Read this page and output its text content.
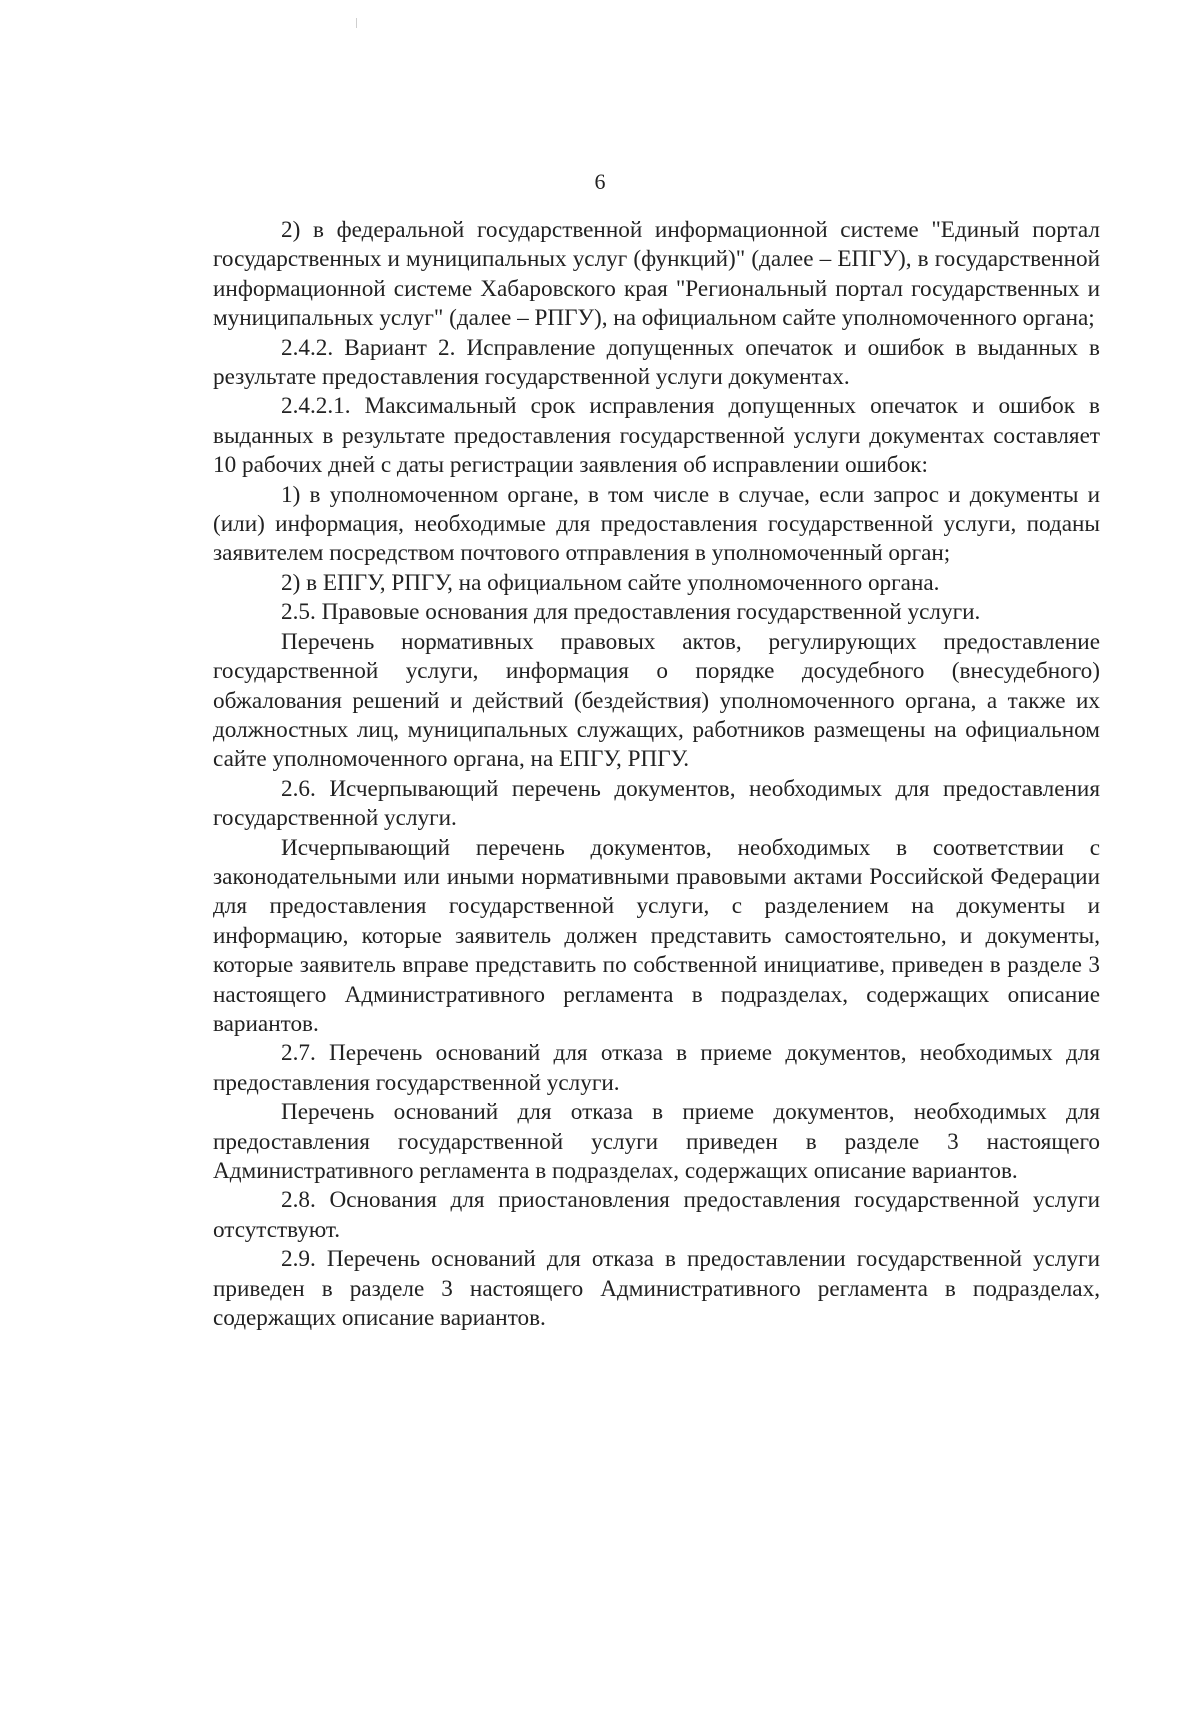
6

2) в федеральной государственной информационной системе "Единый портал государственных и муниципальных услуг (функций)" (далее – ЕПГУ), в государственной информационной системе Хабаровского края "Региональный портал государственных и муниципальных услуг" (далее – РПГУ), на официальном сайте уполномоченного органа;

2.4.2. Вариант 2. Исправление допущенных опечаток и ошибок в выданных в результате предоставления государственной услуги документах.

2.4.2.1. Максимальный срок исправления допущенных опечаток и ошибок в выданных в результате предоставления государственной услуги документах составляет 10 рабочих дней с даты регистрации заявления об исправлении ошибок:

1) в уполномоченном органе, в том числе в случае, если запрос и документы и (или) информация, необходимые для предоставления государственной услуги, поданы заявителем посредством почтового отправления в уполномоченный орган;

2) в ЕПГУ, РПГУ, на официальном сайте уполномоченного органа.

2.5. Правовые основания для предоставления государственной услуги.

Перечень нормативных правовых актов, регулирующих предоставление государственной услуги, информация о порядке досудебного (внесудебного) обжалования решений и действий (бездействия) уполномоченного органа, а также их должностных лиц, муниципальных служащих, работников размещены на официальном сайте уполномоченного органа, на ЕПГУ, РПГУ.

2.6. Исчерпывающий перечень документов, необходимых для предоставления государственной услуги.

Исчерпывающий перечень документов, необходимых в соответствии с законодательными или иными нормативными правовыми актами Российской Федерации для предоставления государственной услуги, с разделением на документы и информацию, которые заявитель должен представить самостоятельно, и документы, которые заявитель вправе представить по собственной инициативе, приведен в разделе 3 настоящего Административного регламента в подразделах, содержащих описание вариантов.

2.7. Перечень оснований для отказа в приеме документов, необходимых для предоставления государственной услуги.

Перечень оснований для отказа в приеме документов, необходимых для предоставления государственной услуги приведен в разделе 3 настоящего Административного регламента в подразделах, содержащих описание вариантов.

2.8. Основания для приостановления предоставления государственной услуги отсутствуют.

2.9. Перечень оснований для отказа в предоставлении государственной услуги приведен в разделе 3 настоящего Административного регламента в подразделах, содержащих описание вариантов.
